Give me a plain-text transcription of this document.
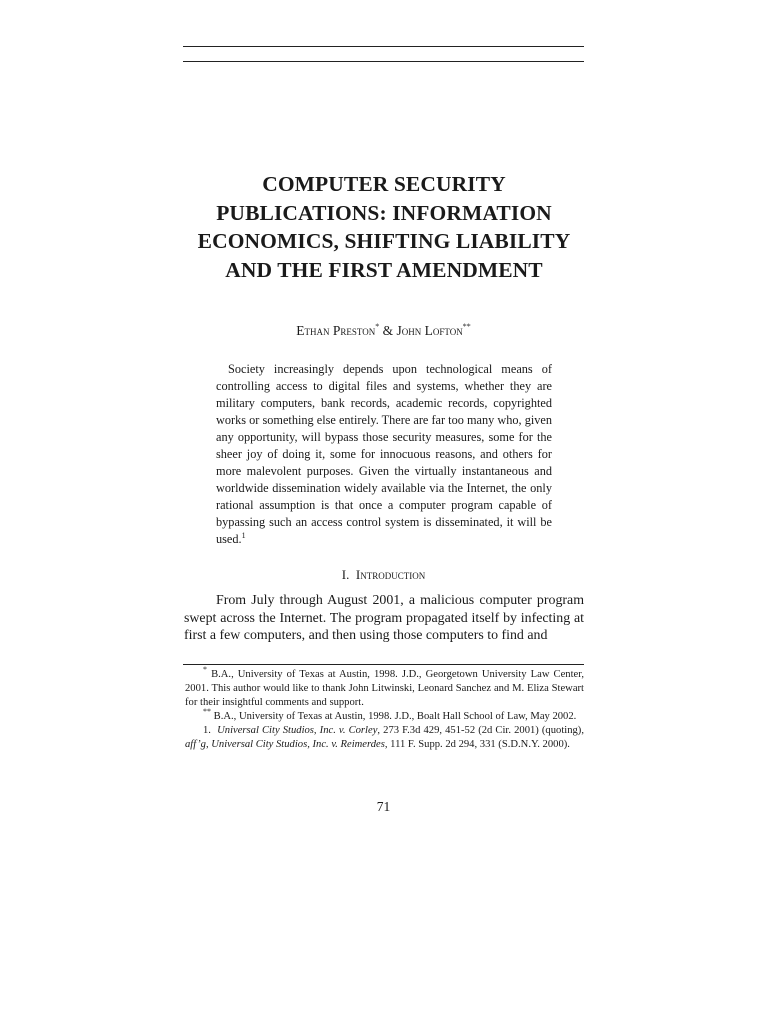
COMPUTER SECURITY
PUBLICATIONS: INFORMATION
ECONOMICS, SHIFTING LIABILITY
AND THE FIRST AMENDMENT
Ethan Preston* & John Lofton**

Society increasingly depends upon technological means of controlling access to digital files and systems, whether they are military computers, bank records, academic records, copyrighted works or something else entirely. There are far too many who, given any opportunity, will bypass those security measures, some for the sheer joy of doing it, some for innocuous reasons, and others for more malevolent purposes. Given the virtually instantaneous and worldwide dissemination widely available via the Internet, the only rational assumption is that once a computer program capable of bypassing such an access control system is disseminated, it will be used.$^1$

I. Introduction

From July through August 2001, a malicious computer program swept across the Internet. The program propagated itself by infecting at first a few computers, and then using those computers to find and

* B.A., University of Texas at Austin, 1998. J.D., Georgetown University Law Center, 2001. This author would like to thank John Litwinski, Leonard Sanchez and M. Eliza Stewart for their insightful comments and support.

** B.A., University of Texas at Austin, 1998. J.D., Boalt Hall School of Law, May 2002.

1. Universal City Studios, Inc. v. Corley, 273 F.3d 429, 451-52 (2d Cir. 2001) (quoting), aff’g, Universal City Studios, Inc. v. Reimerdes, 111 F. Supp. 2d 294, 331 (S.D.N.Y. 2000).

71
